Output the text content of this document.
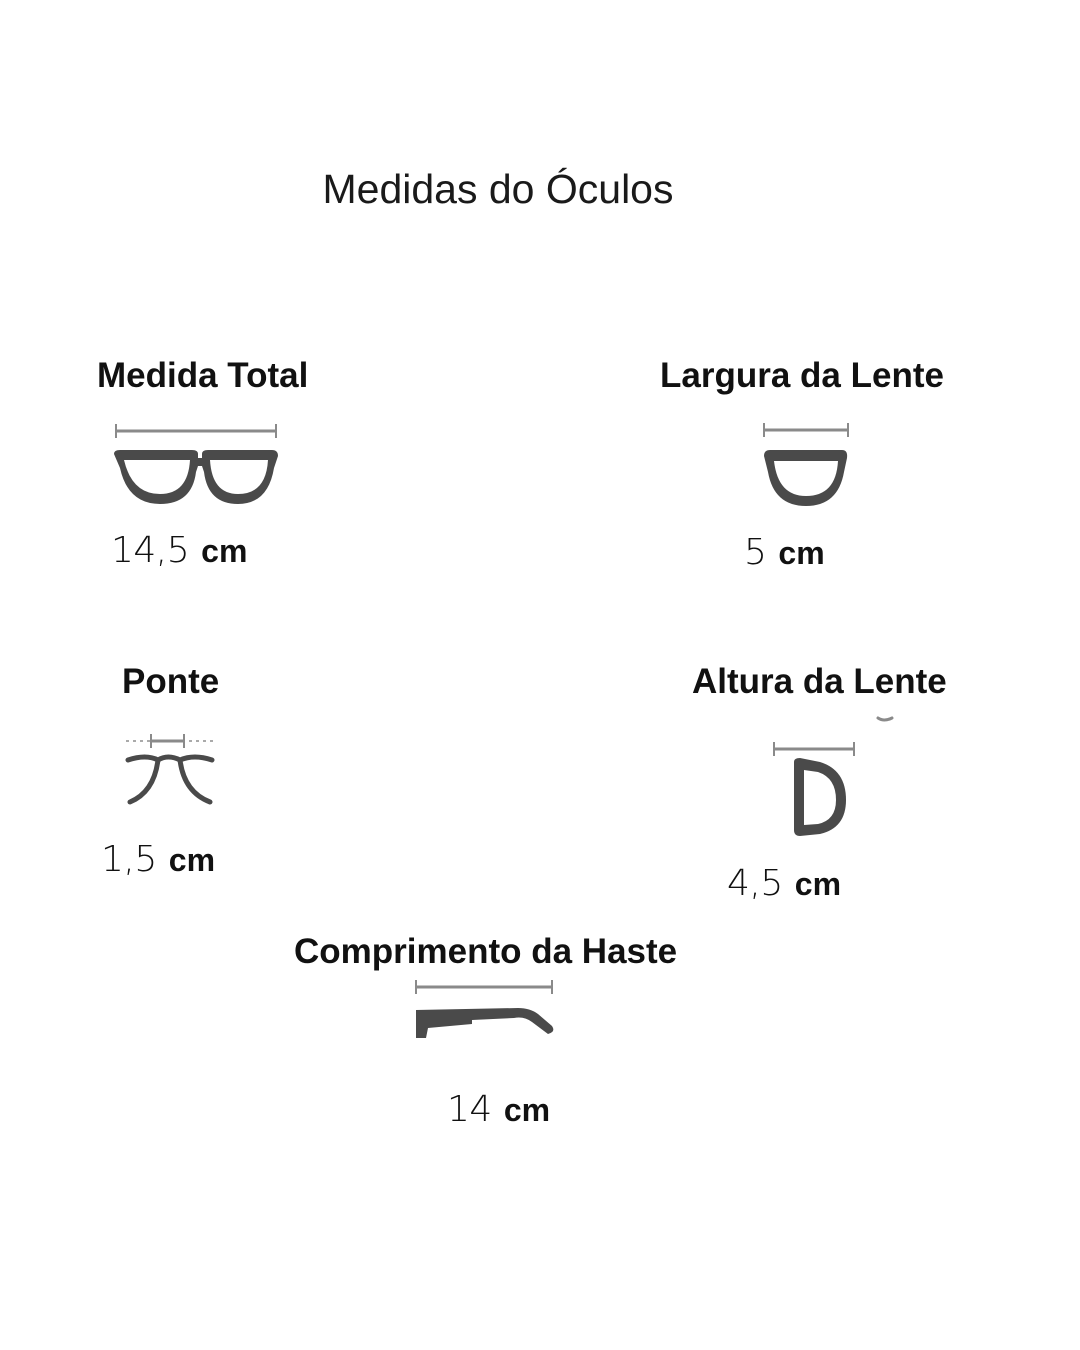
Medidas do Óculos
Medida Total
14,5 cm
Largura da Lente
5 cm
Ponte
1,5 cm
Altura da Lente
4,5 cm
Comprimento da Haste
14 cm
